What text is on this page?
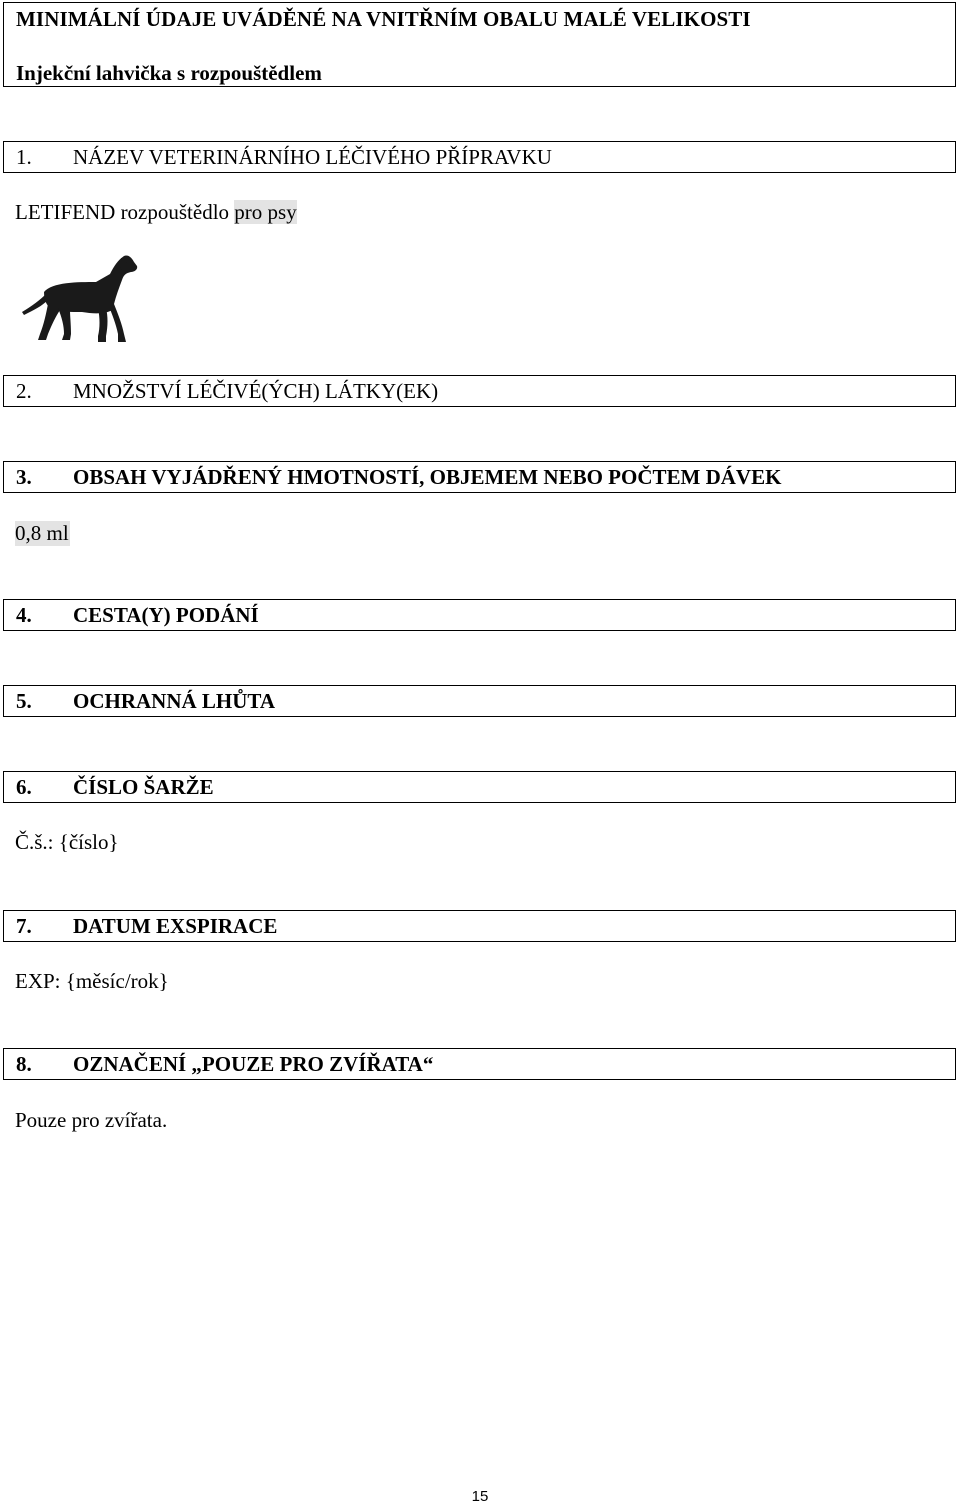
MINIMÁLNÍ ÚDAJE UVÁDĚNÉ NA VNITŘNÍM OBALU MALÉ VELIKOSTI
Injekční lahvička s rozpouštědlem
1. NÁZEV VETERINÁRNÍHO LÉČIVÉHO PŘÍPRAVKU
LETIFEND rozpouštědlo pro psy
2. MNOŽSTVÍ LÉČIVÉ(ÝCH) LÁTKY(EK)
3. OBSAH VYJÁDŘENÝ HMOTNOSTÍ, OBJEMEM NEBO POČTEM DÁVEK
0,8 ml
4. CESTA(Y) PODÁNÍ
5. OCHRANNÁ LHŮTA
6. ČÍSLO ŠARŽE
Č.š.: {číslo}
7. DATUM EXSPIRACE
EXP: {měsíc/rok}
8. OZNAČENÍ „POUZE PRO ZVÍŘATA“
Pouze pro zvířata.
15
